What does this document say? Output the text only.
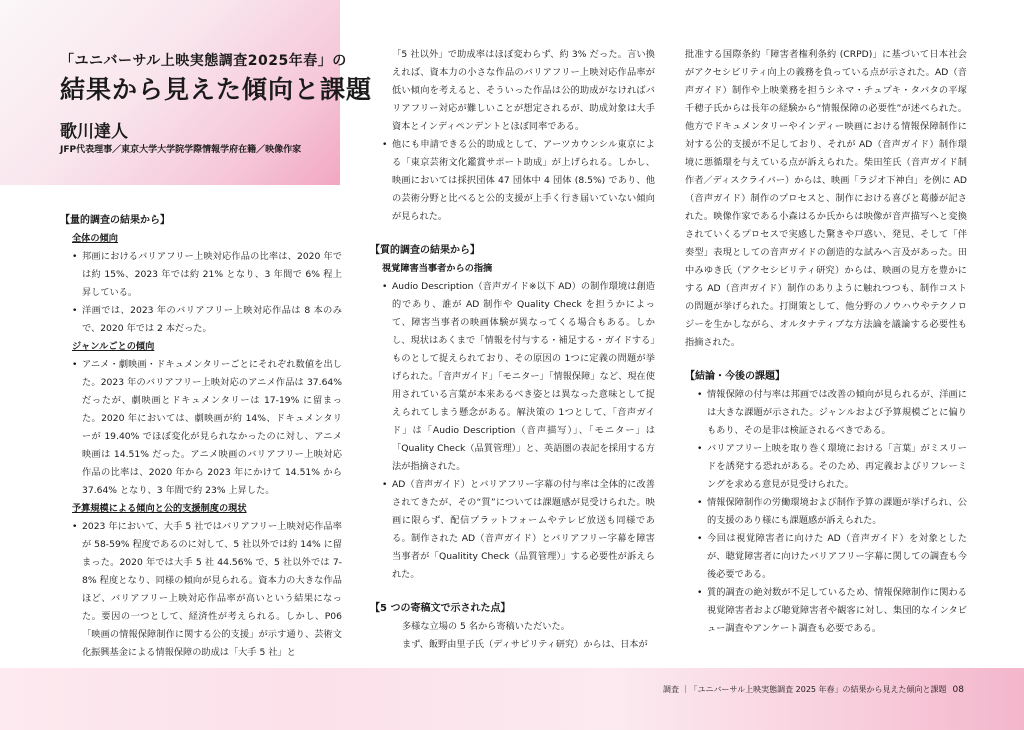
「ユニバーサル上映実態調査2025年春」の
結果から見えた傾向と課題
歌川達人
JFP代表理事／東京大学大学院学際情報学府在籍／映像作家
【量的調査の結果から】
全体の傾向
• 邦画におけるバリアフリー上映対応作品の比率は、2020 年では約 15%、2023 年では約 21% となり、3 年間で 6% 程上昇している。
• 洋画では、2023 年のバリアフリー上映対応作品は 8 本のみで、2020 年では 2 本だった。
ジャンルごとの傾向
• アニメ・劇映画・ドキュメンタリーごとにそれぞれ数値を出した。2023 年のバリアフリー上映対応のアニメ作品は 37.64% だったが、劇映画とドキュメンタリーは 17-19% に留まった。2020 年においては、劇映画が約 14%、ドキュメンタリーが 19.40% でほぼ変化が見られなかったのに対し、アニメ映画は 14.51% だった。アニメ映画のバリアフリー上映対応作品の比率は、2020 年から 2023 年にかけて 14.51% から 37.64% となり、3 年間で約 23% 上昇した。
予算規模による傾向と公的支援制度の現状
• 2023 年において、大手 5 社ではバリアフリー上映対応作品率が 58-59% 程度であるのに対して、5 社以外では約 14% に留まった。2020 年では大手 5 社 44.56% で、5 社以外では 7-8% 程度となり、同様の傾向が見られる。資本力の大きな作品ほど、バリアフリー上映対応作品率が高いという結果になった。要因の一つとして、経済性が考えられる。しかし、P06「映画の情報保障制作に関する公的支援」が示す通り、芸術文化振興基金による情報保障の助成は「大手 5 社」と

「5 社以外」で助成率はほぼ変わらず、約 3% だった。言い換えれば、資本力の小さな作品のバリアフリー上映対応作品率が低い傾向を考えると、そういった作品は公的助成がなければバリアフリー対応が難しいことが想定されるが、助成対象は大手資本とインディペンデントとほぼ同率である。

• 他にも申請できる公的助成として、アーツカウンシル東京による「東京芸術文化鑑賞サポート助成」が上げられる。しかし、映画においては採択団体 47 団体中 4 団体 (8.5%) であり、他の芸術分野と比べると公的支援が上手く行き届いていない傾向が見られた。
【質的調査の結果から】
視覚障害当事者からの指摘
• Audio Description（音声ガイド※以下 AD）の制作環境は創造的であり、誰が AD 制作や Quality Check を担うかによって、障害当事者の映画体験が異なってくる場合もある。しかし、現状はあくまで「情報を付与する・補足する・ガイドする」ものとして捉えられており、その原因の 1つに定義の問題が挙げられた。「音声ガイド」「モニター」「情報保障」など、現在使用されている言葉が本来あるべき姿とは異なった意味として捉えられてしまう懸念がある。解決策の 1つとして、「音声ガイド」は「Audio Description（音声描写）」、「モニター」は「Quality Check（品質管理）」と、英語圏の表記を採用する方法が指摘された。
• AD（音声ガイド）とバリアフリー字幕の付与率は全体的に改善されてきたが、その“質”については課題感が見受けられた。映画に限らず、配信プラットフォームやテレビ放送も同様である。制作された AD（音声ガイド）とバリアフリー字幕を障害当事者が「Qualitity Check（品質管理）」する必要性が訴えられた。
【5 つの寄稿文で示された点】

多様な立場の 5 名から寄稿いただいた。

まず、飯野由里子氏（ディサビリティ研究）からは、日本が

批准する国際条約「障害者権利条約 (CRPD)」に基づいて日本社会がアクセシビリティ向上の義務を負っている点が示された。AD（音声ガイド）制作や上映業務を担うシネマ・チュプキ・タバタの平塚千穂子氏からは長年の経験から“情報保障の必要性”が述べられた。他方でドキュメンタリーやインディー映画における情報保障制作に対する公的支援が不足しており、それが AD（音声ガイド）制作環境に悪循環を与えている点が訴えられた。柴田笙氏（音声ガイド制作者／ディスクライバー）からは、映画「ラジオ下神白」を例に AD（音声ガイド）制作のプロセスと、制作における喜びと葛藤が記された。映像作家である小森はるか氏からは映像が音声描写へと変換されていくるプロセスで実感した驚きや戸惑い、発見、そして「伴奏型」表現としての音声ガイドの創造的な試みへ言及があった。田中みゆき氏（アクセシビリティ研究）からは、映画の見方を豊かにする AD（音声ガイド）制作のありように触れつつも、制作コストの問題が挙げられた。打開策として、他分野のノウハウやテクノロジーを生かしながら、オルタナティブな方法論を議論する必要性も指摘された。

【結論・今後の課題】
• 情報保障の付与率は邦画では改善の傾向が見られるが、洋画には大きな課題が示された。ジャンルおよび予算規模ごとに偏りもあり、その是非は検証されるべきである。
• バリアフリー上映を取り巻く環境における「言葉」がミスリードを誘発する恐れがある。そのため、再定義およびリフレーミングを求める意見が見受けられた。
• 情報保障制作の労働環境および制作予算の課題が挙げられ、公的支援のあり様にも課題感が訴えられた。
• 今回は視覚障害者に向けた AD（音声ガイド）を対象としたが、聴覚障害者に向けたバリアフリー字幕に関しての調査も今後必要である。
• 質的調査の絶対数が不足しているため、情報保障制作に関わる視覚障害者および聴覚障害者や観客に対し、集団的なインタビュー調査やアンケート調査も必要である。
調査 ｜「ユニバーサル上映実態調査 2025 年春」の結果から見えた傾向と課題 08
